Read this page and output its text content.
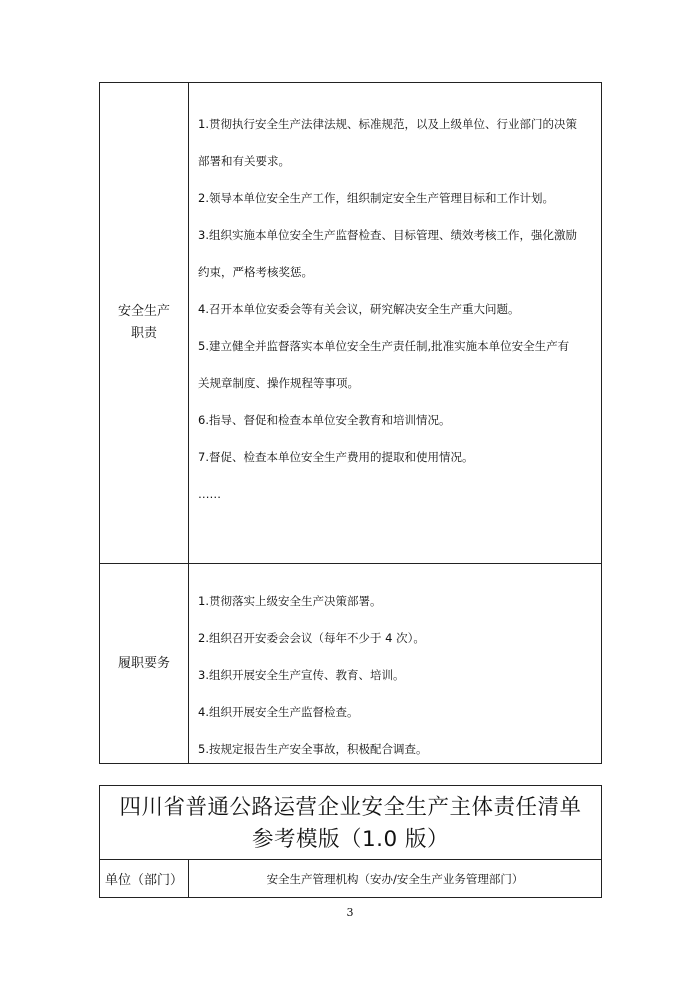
安全生产
职责
1.贯彻执行安全生产法律法规、标准规范，以及上级单位、行业部门的决策
部署和有关要求。
2.领导本单位安全生产工作，组织制定安全生产管理目标和工作计划。
3.组织实施本单位安全生产监督检查、目标管理、绩效考核工作，强化激励
约束，严格考核奖惩。
4.召开本单位安委会等有关会议，研究解决安全生产重大问题。
5.建立健全并监督落实本单位安全生产责任制,批准实施本单位安全生产有
关规章制度、操作规程等事项。
6.指导、督促和检查本单位安全教育和培训情况。
7.督促、检查本单位安全生产费用的提取和使用情况。
……
履职要务
1.贯彻落实上级安全生产决策部署。
2.组织召开安委会会议（每年不少于 4 次）。
3.组织开展安全生产宣传、教育、培训。
4.组织开展安全生产监督检查。
5.按规定报告生产安全事故，积极配合调查。
四川省普通公路运营企业安全生产主体责任清单
参考模版（1.0 版）
单位（部门）	安全生产管理机构（安办/安全生产业务管理部门）
3
